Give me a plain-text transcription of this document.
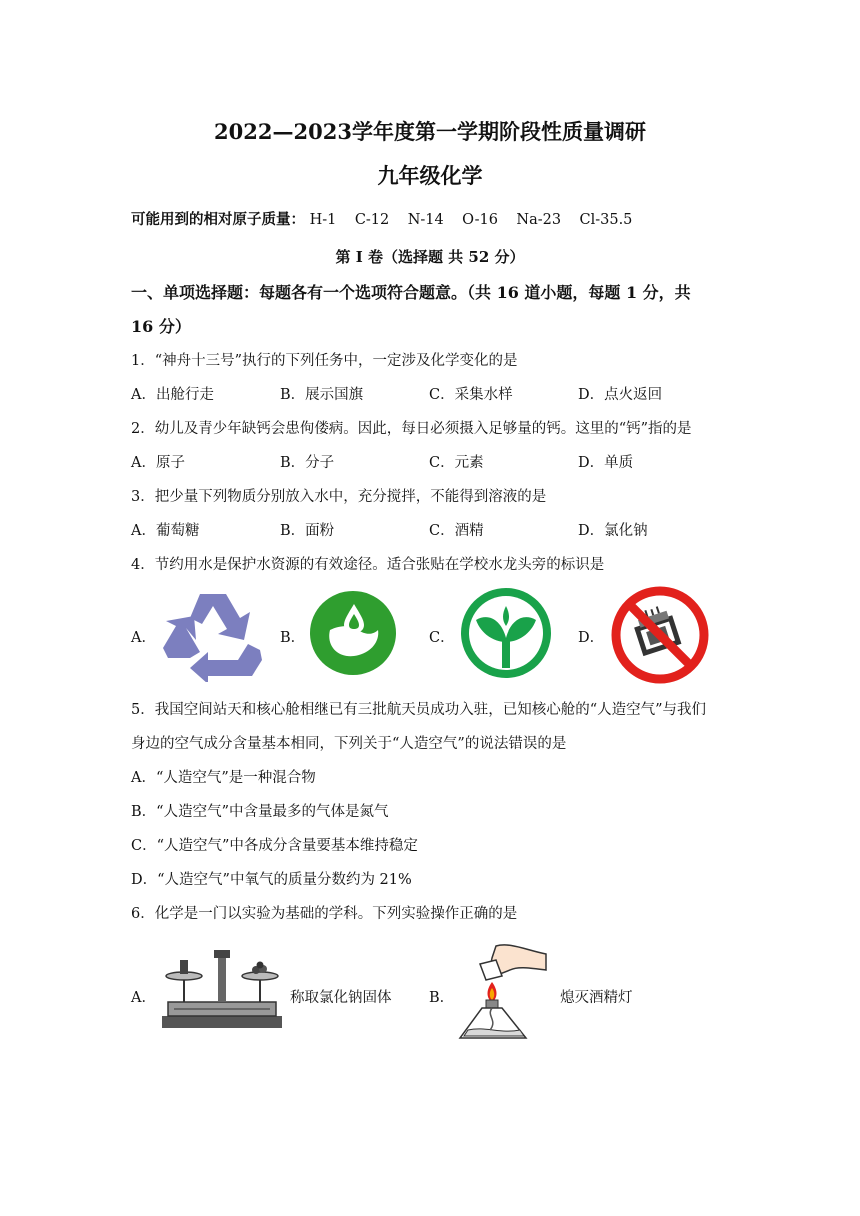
2022—2023学年度第一学期阶段性质量调研
九年级化学
可能用到的相对原子质量： H-1    C-12    N-14    O-16    Na-23    Cl-35.5
第 I 卷（选择题 共 52 分）
一、单项选择题：每题各有一个选项符合题意。（共 16 道小题，每题 1 分，共
16 分）
1．“神舟十三号”执行的下列任务中，一定涉及化学变化的是
A．出舱行走	B．展示国旗	C．采集水样	D．点火返回
2．幼儿及青少年缺钙会患佝偻病。因此，每日必须摄入足够量的钙。这里的“钙”指的是
A．原子	B．分子	C．元素	D．单质
3．把少量下列物质分别放入水中，充分搅拌，不能得到溶液的是
A．葡萄糖	B．面粉	C．酒精	D．氯化钠
4．节约用水是保护水资源的有效途径。适合张贴在学校水龙头旁的标识是
A．	B．	C．	D．
5．我国空间站天和核心舱相继已有三批航天员成功入驻，已知核心舱的“人造空气”与我们
身边的空气成分含量基本相同，下列关于“人造空气”的说法错误的是
A．“人造空气”是一种混合物
B．“人造空气”中含量最多的气体是氮气
C．“人造空气”中各成分含量要基本维持稳定
D．“人造空气”中氧气的质量分数约为 21%
6．化学是一门以实验为基础的学科。下列实验操作正确的是
A．	称取氯化钠固体	B．	熄灭酒精灯
